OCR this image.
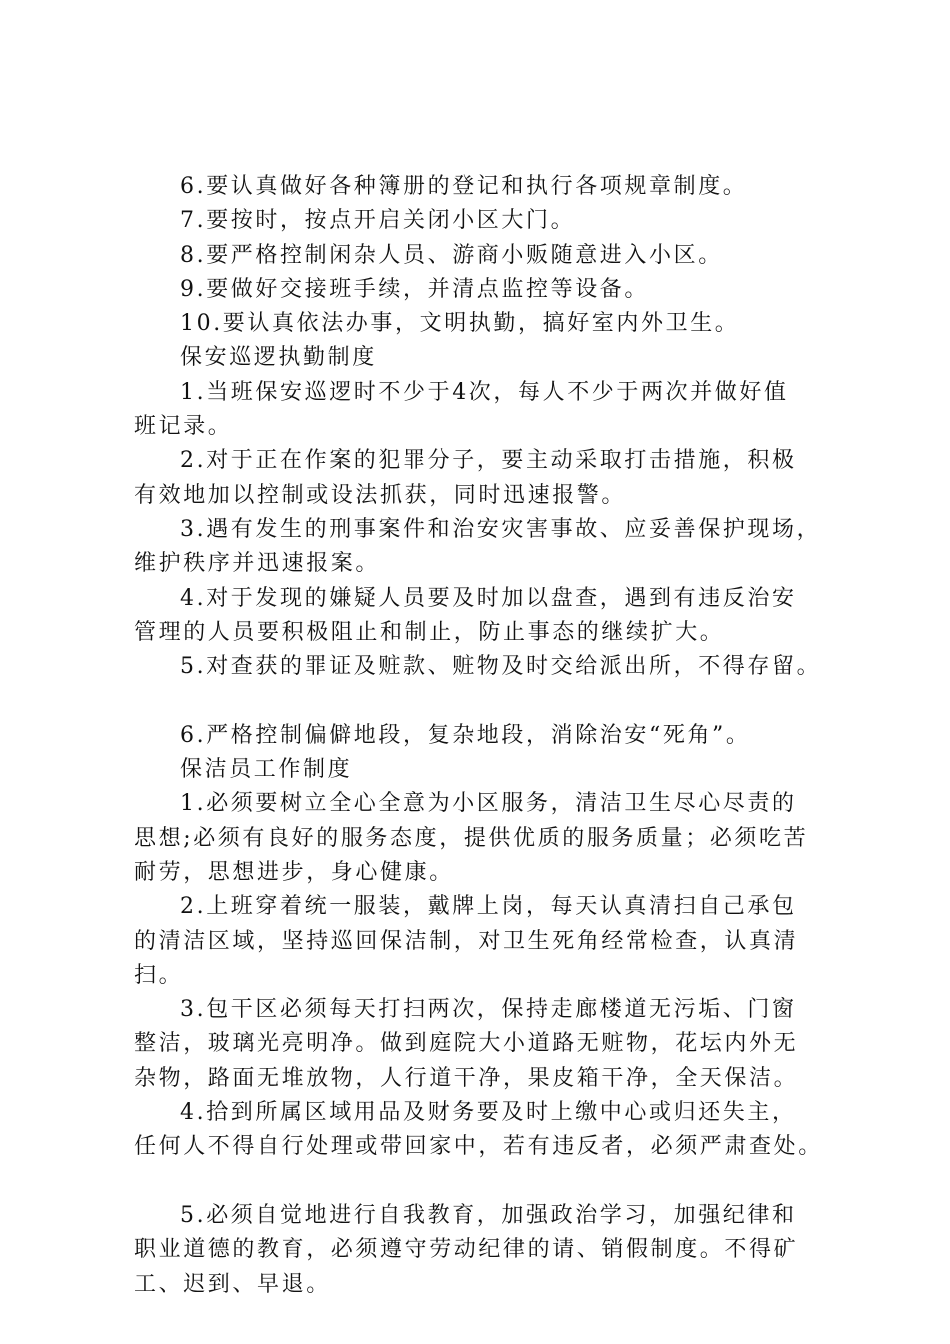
6.要认真做好各种簿册的登记和执行各项规章制度。
7.要按时，按点开启关闭小区大门。
8.要严格控制闲杂人员、游商小贩随意进入小区。
9.要做好交接班手续，并清点监控等设备。
10.要认真依法办事，文明执勤，搞好室内外卫生。
保安巡逻执勤制度
1.当班保安巡逻时不少于4次，每人不少于两次并做好值
班记录。
2.对于正在作案的犯罪分子，要主动采取打击措施，积极
有效地加以控制或设法抓获，同时迅速报警。
3.遇有发生的刑事案件和治安灾害事故、应妥善保护现场，
维护秩序并迅速报案。
4.对于发现的嫌疑人员要及时加以盘查，遇到有违反治安
管理的人员要积极阻止和制止，防止事态的继续扩大。
5.对查获的罪证及赃款、赃物及时交给派出所，不得存留。
6.严格控制偏僻地段，复杂地段，消除治安“死角”。
保洁员工作制度
1.必须要树立全心全意为小区服务，清洁卫生尽心尽责的
思想;必须有良好的服务态度，提供优质的服务质量；必须吃苦
耐劳，思想进步，身心健康。
2.上班穿着统一服装，戴牌上岗，每天认真清扫自己承包
的清洁区域，坚持巡回保洁制，对卫生死角经常检查，认真清
扫。
3.包干区必须每天打扫两次，保持走廊楼道无污垢、门窗
整洁，玻璃光亮明净。做到庭院大小道路无赃物，花坛内外无
杂物，路面无堆放物，人行道干净，果皮箱干净，全天保洁。
4.拾到所属区域用品及财务要及时上缴中心或归还失主，
任何人不得自行处理或带回家中，若有违反者，必须严肃查处。
5.必须自觉地进行自我教育，加强政治学习，加强纪律和
职业道德的教育，必须遵守劳动纪律的请、销假制度。不得矿
工、迟到、早退。
